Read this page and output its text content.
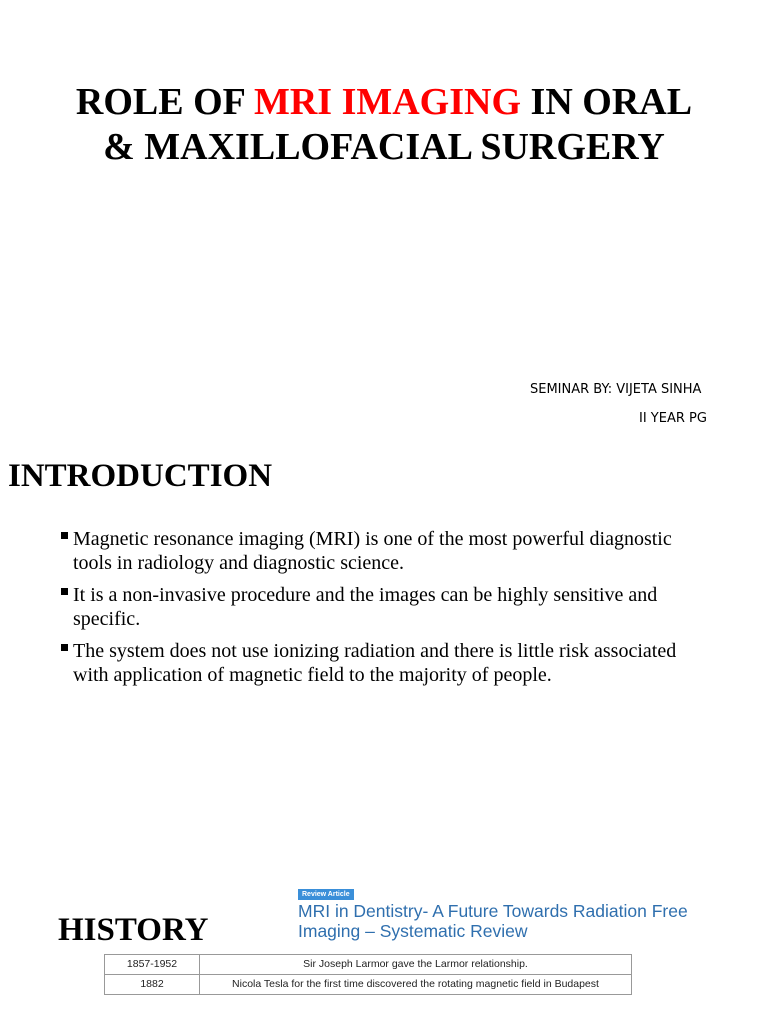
ROLE OF MRI IMAGING IN ORAL & MAXILLOFACIAL SURGERY
SEMINAR BY: VIJETA SINHA
II YEAR PG
INTRODUCTION
Magnetic resonance imaging (MRI) is one of the most powerful diagnostic tools in radiology and diagnostic science.
It is a non-invasive procedure and the images can be highly sensitive and specific.
The system does not use ionizing radiation and there is little risk associated with application of magnetic field to the majority of people.
HISTORY
Review Article
MRI in Dentistry- A Future Towards Radiation Free Imaging – Systematic Review
1857-1952	Sir Joseph Larmor gave the Larmor relationship.
1882	Nicola Tesla for the first time discovered the rotating magnetic field in Budapest
